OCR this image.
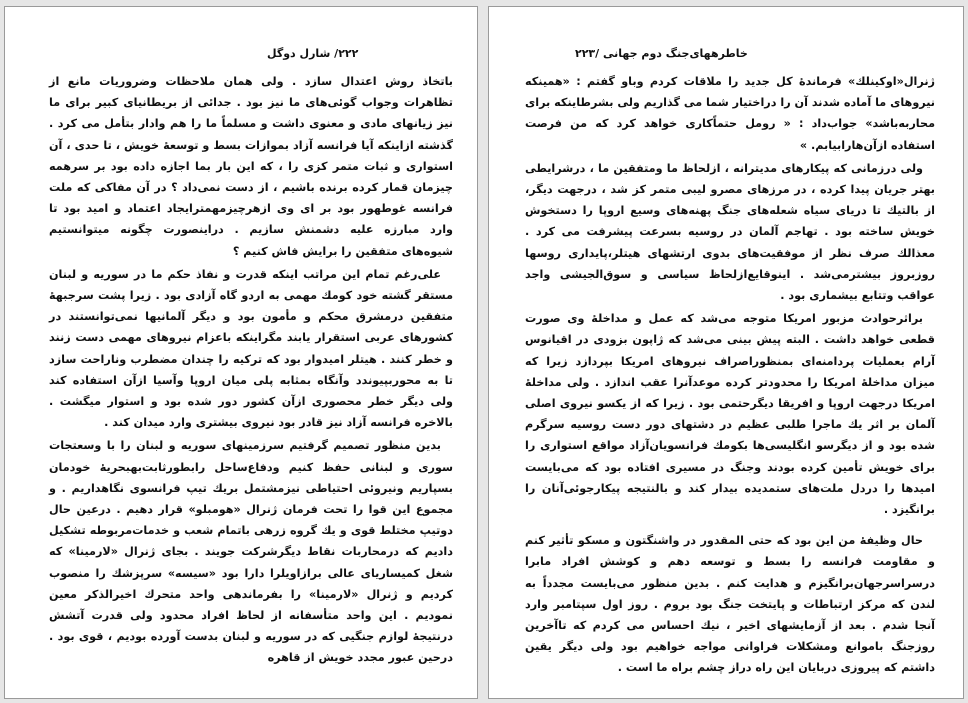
۲۲۲/ شارل دوگل

باتخاذ روش اعتدال سازد . ولی همان ملاحظات وضروریات مانع از تظاهرات وجواب گوئی‌های ما نیز بود . جدائی از بریطانیای کبیر برای ما نیز زیانهای مادی و معنوی داشت و مسلماً ما را هم وادار بتأمل می کرد . گذشته ازاینکه آیا فرانسه آزاد بموازات بسط و توسعهٔ خویش ، تا حدی ، آن استواری و ثبات متمر کزی را ، که این بار بما اجازه داده بود بر سرهمه چیزمان قمار کرده برنده باشیم ، از دست نمی‌داد ؟ در آن مفاکی که ملت فرانسه غوطهور بود بر ای وی ازهرچیزمهمترایجاد اعتماد و امید بود تا وارد مبارزه علیه دشمنش سازیم . دراینصورت چگونه میتوانستیم شیوه‌های متفقین را برایش فاش کنیم ؟

علی‌رغم تمام این مراتب اینکه قدرت و نفاذ حکم ما در سوریه و لبنان مستقر گشته خود کومك مهمی به اردو گاه آزادی بود . زیرا پشت سرجبههٔ متفقین درمشرق محکم و مأمون بود و دیگر آلمانیها نمی‌توانستند در کشورهای عربی استقرار یابند مگراینکه باعزام نیروهای مهمی دست زنند و خطر کنند . هیتلر امیدوار بود که ترکیه را چندان مضطرب وناراحت سازد تا به محوربپیوندد وآنگاه بمثابه پلی میان اروپا وآسیا ازآن استفاده کند ولی دیگر خطر محصوری ازآن کشور دور شده بود و استوار میگشت . بالاخره فرانسه آزاد نیز قادر بود نیروی بیشتری وارد میدان کند .

بدین منظور تصمیم گرفتیم سرزمینهای سوریه و لبنان را با وسعتجات سوری و لبنانی حفظ کنیم ودفاع‌ساحل رابطورثابت‌بهبحریهٔ خودمان بسپاریم ونیروئی احتیاطی نیزمشتمل بریك تیپ فرانسوی نگاهداریم . و مجموع این قوا را تحت فرمان ژنرال «هومبلو» قرار دهیم . درعین حال دوتیپ مختلط قوی و یك گروه زرهی باتمام شعب و خدمات‌مربوطه تشکیل دادیم که درمحاربات نقاط دیگرشرکت جویند . بجای ژنرال «لارمینا» که شغل کمیساریای عالی برازاویلرا دارا بود «سیسه» سرپزشك را منصوب کردیم و ژنرال «لارمینا» را بفرماندهی واحد متحرك اخیرالذکر معین نمودیم . این واحد متأسفانه از لحاظ افراد محدود ولی قدرت آتشش درنتیجهٔ لوازم جنگیی که در سوریه و لبنان بدست آورده بودیم ، قوی بود . درحین عبور مجدد خویش از قاهره

خاطرههای‌جنگ دوم جهانی /۲۲۳

ژنرال«اوکینلك» فرماندهٔ کل جدید را ملاقات کردم وباو گفتم : «همینکه نیروهای ما آماده شدند آن را دراختیار شما می گذاریم ولی بشرطاینکه برای محاربه‌باشد» جواب‌داد : « رومل حتماًکاری خواهد کرد که من فرصت استفاده ازآن‌هارابیابم. »

ولی درزمانی که پیکارهای مدیترانه ، ازلحاظ ما ومتفقین ما ، درشرایطی بهتر جریان پیدا کرده ، در مرزهای مصرو لیبی متمر کز شد ، درجهت دیگر، از بالتیك تا دریای سیاه شعله‌های جنگ پهنه‌های وسیع اروپا را دستخوش خویش ساخته بود . تهاجم آلمان در روسیه بسرعت پیشرفت می کرد . معذالك صرف نظر از موفقیت‌های بدوی ارتشهای هیتلر،پایداری روسها روزبروز بیشترمی‌شد . اینوقایع‌ازلحاظ سیاسی و سوق‌الجیشی واجد عواقب وتتابع بیشماری بود .

براثرحوادث مزبور امریکا متوجه می‌شد که عمل و مداخلهٔ وی صورت قطعی خواهد داشت . البته پیش بینی می‌شد که ژاپون بزودی در اقیانوس آرام بعملیات پردامنه‌ای بمنظوراصراف نیروهای امریکا بپردازد زیرا که میزان مداخلهٔ امریکا را محدودتر کرده موعدآنرا عقب اندازد . ولی مداخلهٔ امریکا درجهت اروپا و افریقا دیگرحتمی بود . زیرا که از یکسو نیروی اصلی آلمان بر اثر یك ماجرا طلبی عظیم در دشتهای دور دست روسیه سرگرم شده بود و از دیگرسو انگلیسی‌ها بکومك فرانسویان‌آزاد مواقع استواری را برای خویش تأمین کرده بودند وجنگ در مسیری افتاده بود که می‌بایست امیدها را دردل ملت‌های ستمدیده بیدار کند و بالنتیجه پیکارجوئی‌آنان را برانگیزد .

حال وظیفهٔ من این بود که حتی المقدور در واشنگتون و مسکو تأثیر کنم و مقاومت فرانسه را بسط و توسعه دهم و کوشش افراد مابرا درسراسرجهان‌برانگیزم و هدایت کنم . بدین منظور می‌بایست مجدداً به لندن که مرکز ارتباطات و پایتخت جنگ بود بروم . روز اول سپتامبر وارد آنجا شدم . بعد از آزمایشهای اخیر ، نیك احساس می کردم که تاآخرین روزجنگ باموانع ومشکلات فراوانی مواجه خواهیم بود ولی دیگر یقین داشتم که پیروزی دربایان این راه دراز چشم براه ما است .
